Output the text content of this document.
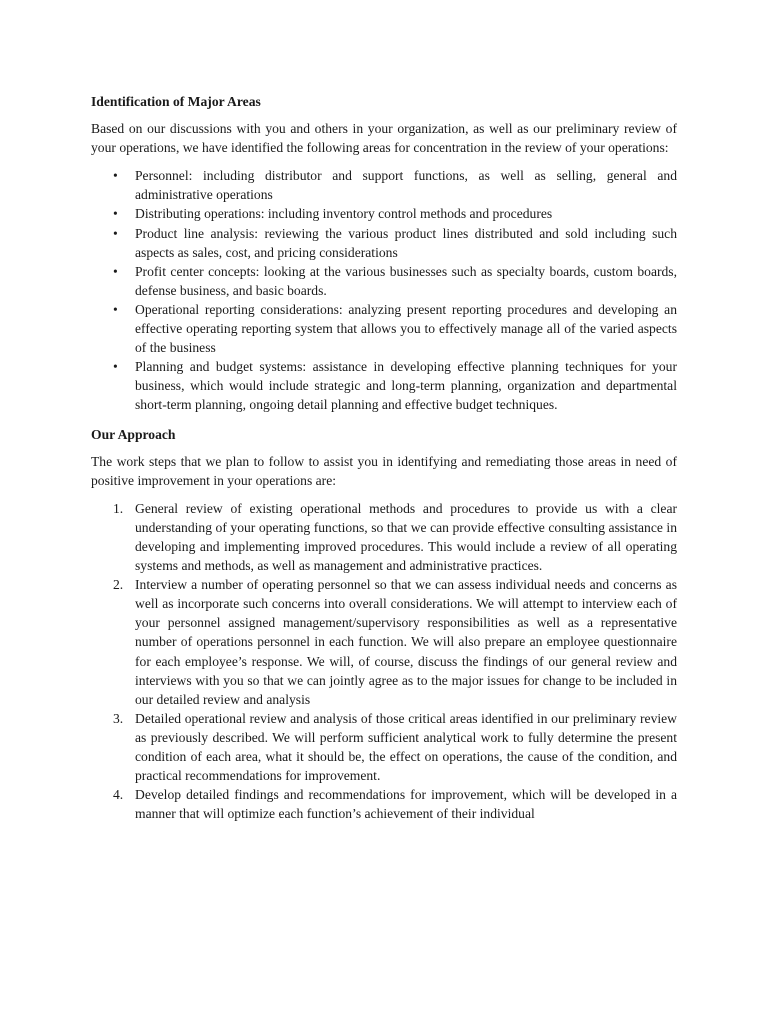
Identification of Major Areas

Based on our discussions with you and others in your organization, as well as our preliminary review of your operations, we have identified the following areas for concentration in the review of your operations:

• Personnel: including distributor and support functions, as well as selling, general and administrative operations
• Distributing operations: including inventory control methods and procedures
• Product line analysis: reviewing the various product lines distributed and sold including such aspects as sales, cost, and pricing considerations
• Profit center concepts: looking at the various businesses such as specialty boards, custom boards, defense business, and basic boards.
• Operational reporting considerations: analyzing present reporting procedures and developing an effective operating reporting system that allows you to effectively manage all of the varied aspects of the business
• Planning and budget systems: assistance in developing effective planning techniques for your business, which would include strategic and long-term planning, organization and departmental short-term planning, ongoing detail planning and effective budget techniques.
Our Approach

The work steps that we plan to follow to assist you in identifying and remediating those areas in need of positive improvement in your operations are:

1. General review of existing operational methods and procedures to provide us with a clear understanding of your operating functions, so that we can provide effective consulting assistance in developing and implementing improved procedures. This would include a review of all operating systems and methods, as well as management and administrative practices.
2. Interview a number of operating personnel so that we can assess individual needs and concerns as well as incorporate such concerns into overall considerations. We will attempt to interview each of your personnel assigned management/supervisory responsibilities as well as a representative number of operations personnel in each function. We will also prepare an employee questionnaire for each employee’s response. We will, of course, discuss the findings of our general review and interviews with you so that we can jointly agree as to the major issues for change to be included in our detailed review and analysis
3. Detailed operational review and analysis of those critical areas identified in our preliminary review as previously described. We will perform sufficient analytical work to fully determine the present condition of each area, what it should be, the effect on operations, the cause of the condition, and practical recommendations for improvement.
4. Develop detailed findings and recommendations for improvement, which will be developed in a manner that will optimize each function’s achievement of their individual
